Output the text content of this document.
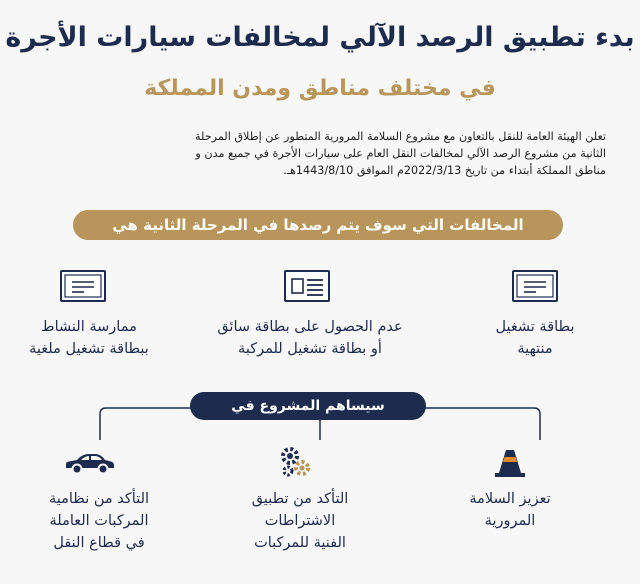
بدء تطبيق الرصد الآلي لمخالفات سيارات الأجرة
في مختلف مناطق ومدن المملكة
تعلن الهيئة العامة للنقل بالتعاون مع مشروع السلامة المرورية المتطور عن إطلاق المرحلة
الثانية من مشروع الرصد الآلي لمخالفات النقل العام على سيارات الأجرة في جميع مدن و
مناطق المملكة أبتداء من تاريخ 2022/3/13م الموافق 1443/8/10هـ.
المخالفات التي سوف يتم رصدها في المرحلة الثانية هي
بطاقة تشغيل
منتهية
عدم الحصول على بطاقة سائق
أو بطاقة تشغيل للمركبة
ممارسة النشاط
ببطاقة تشغيل ملغية
سيساهم المشروع في
تعزيز السلامة
المرورية
التأكد من تطبيق
الاشتراطات
الفنية للمركبات
التأكد من نظامية
المركبات العاملة
في قطاع النقل
